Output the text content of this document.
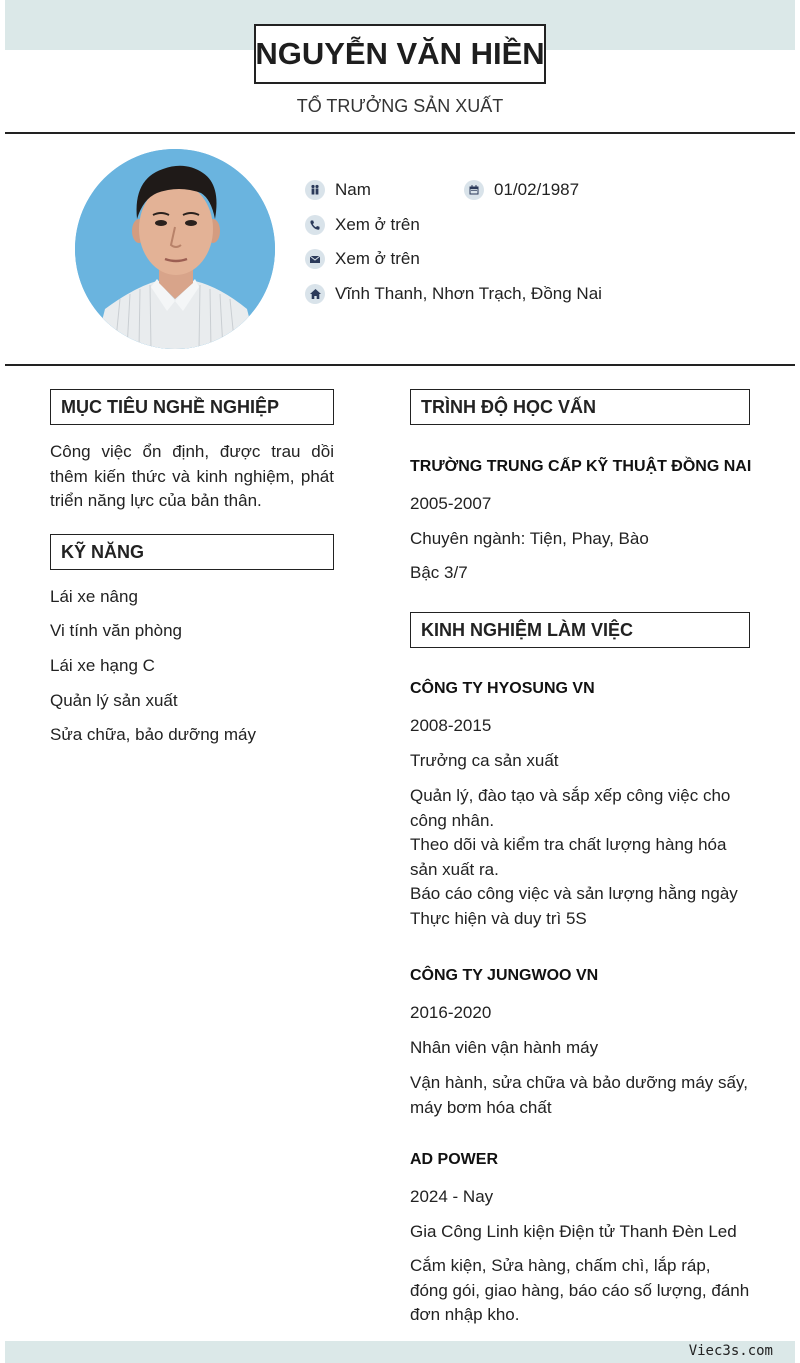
NGUYỄN VĂN HIỀN
TỔ TRƯỞNG SẢN XUẤT
Nam	01/02/1987
Xem ở trên
Xem ở trên
Vĩnh Thanh, Nhơn Trạch, Đồng Nai
MỤC TIÊU NGHỀ NGHIỆP
Công việc ổn định, được trau dồi thêm kiến thức và kinh nghiệm, phát triển năng lực của bản thân.
KỸ NĂNG
Lái xe nâng
Vi tính văn phòng
Lái xe hạng C
Quản lý sản xuất
Sửa chữa, bảo dưỡng máy
TRÌNH ĐỘ HỌC VẤN
TRƯỜNG TRUNG CẤP KỸ THUẬT ĐỒNG NAI
2005-2007
Chuyên ngành: Tiện, Phay, Bào
Bậc 3/7
KINH NGHIỆM LÀM VIỆC
CÔNG TY HYOSUNG VN
2008-2015
Trưởng ca sản xuất
Quản lý, đào tạo và sắp xếp công việc cho công nhân.
Theo dõi và kiểm tra chất lượng hàng hóa sản xuất ra.
Báo cáo công việc và sản lượng hằng ngày
Thực hiện và duy trì 5S
CÔNG TY JUNGWOO VN
2016-2020
Nhân viên vận hành máy
Vận hành, sửa chữa và bảo dưỡng máy sấy, máy bơm hóa chất
AD POWER
2024 - Nay
Gia Công Linh kiện Điện tử Thanh Đèn Led
Cắm kiện, Sửa hàng, chấm chì, lắp ráp, đóng gói, giao hàng, báo cáo số lượng, đánh đơn nhập kho.
Viec3s.com
